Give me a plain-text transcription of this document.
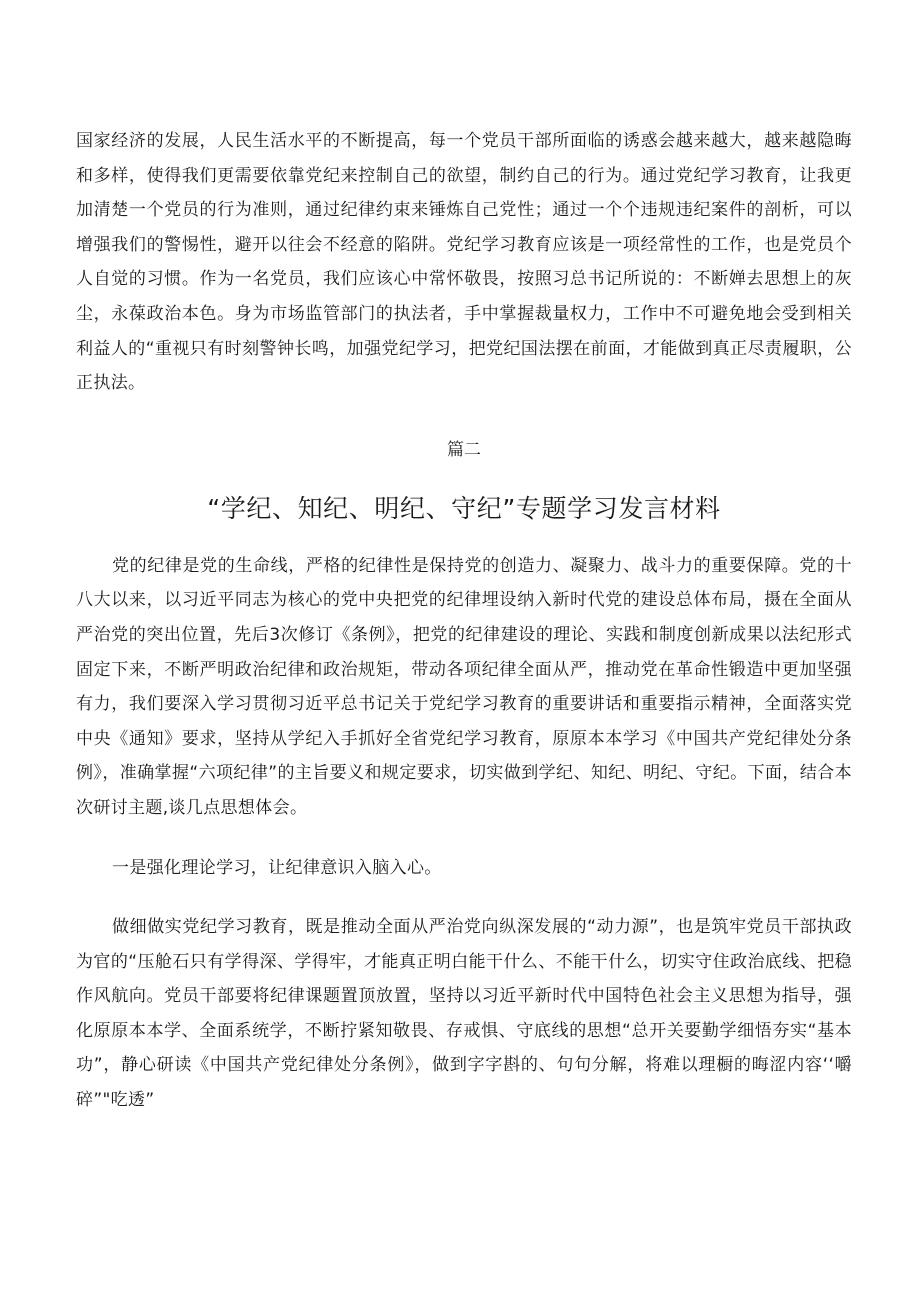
国家经济的发展，人民生活水平的不断提高，每一个党员干部所面临的诱惑会越来越大，越来越隐晦和多样，使得我们更需要依靠党纪来控制自己的欲望，制约自己的行为。通过党纪学习教育，让我更加清楚一个党员的行为准则，通过纪律约束来锤炼自己党性；通过一个个违规违纪案件的剖析，可以增强我们的警惕性，避开以往会不经意的陷阱。党纪学习教育应该是一项经常性的工作，也是党员个人自觉的习惯。作为一名党员，我们应该心中常怀敬畏，按照习总书记所说的：不断婵去思想上的灰尘，永葆政治本色。身为市场监管部门的执法者，手中掌握裁量权力，工作中不可避免地会受到相关利益人的“重视只有时刻警钟长鸣，加强党纪学习，把党纪国法摆在前面，才能做到真正尽责履职，公正执法。

篇二

“学纪、知纪、明纪、守纪”专题学习发言材料

党的纪律是党的生命线，严格的纪律性是保持党的创造力、凝聚力、战斗力的重要保障。党的十八大以来，以习近平同志为核心的党中央把党的纪律埋设纳入新时代党的建设总体布局，摄在全面从严治党的突出位置，先后3次修订《条例》，把党的纪律建设的理论、实践和制度创新成果以法纪形式固定下来，不断严明政治纪律和政治规矩，带动各项纪律全面从严，推动党在革命性锻造中更加坚强有力，我们要深入学习贯彻习近平总书记关于党纪学习教育的重要讲话和重要指示精神，全面落实党中央《通知》要求，坚持从学纪入手抓好全省党纪学习教育，原原本本学习《中国共产党纪律处分条例》，准确掌握“六项纪律”的主旨要义和规定要求，切实做到学纪、知纪、明纪、守纪。下面，结合本次研讨主题,谈几点思想体会。

一是强化理论学习，让纪律意识入脑入心。

做细做实党纪学习教育，既是推动全面从严治党向纵深发展的“动力源”，也是筑牢党员干部执政为官的“压舱石只有学得深、学得牢，才能真正明白能干什么、不能干什么，切实守住政治底线、把稳作风航向。党员干部要将纪律课题置顶放置，坚持以习近平新时代中国特色社会主义思想为指导，强化原原本本学、全面系统学，不断拧紧知敬畏、存戒惧、守底线的思想“总开关要勤学细悟夯实“基本功”，静心研读《中国共产党纪律处分条例》，做到字字斟的、句句分解，将难以理橱的晦涩内容‘‘嚼碎”"吃透”
